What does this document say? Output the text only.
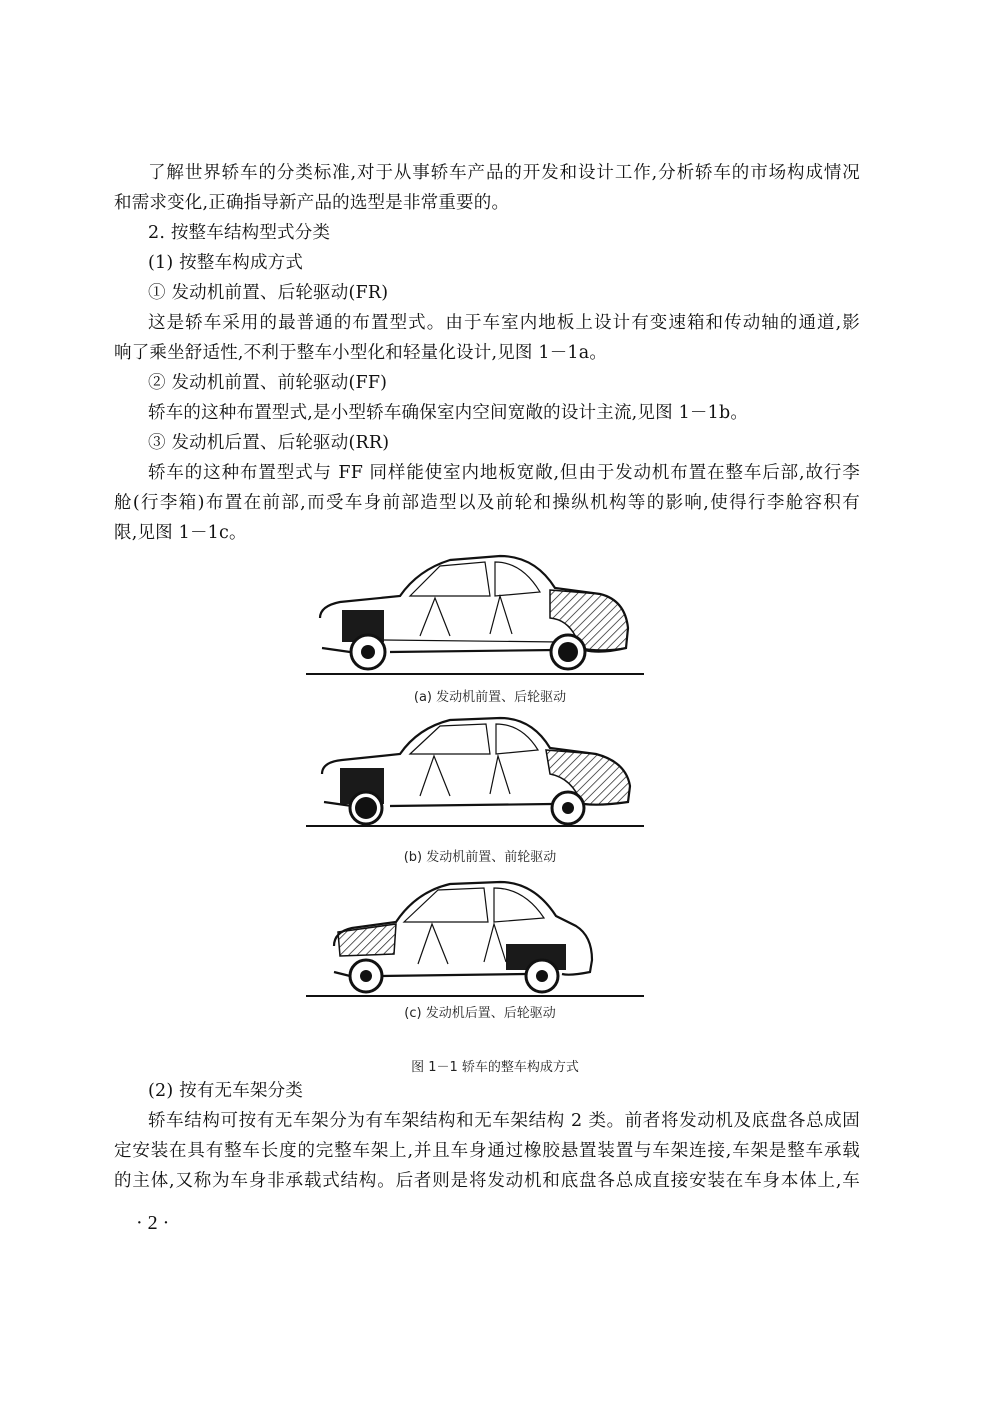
了解世界轿车的分类标准,对于从事轿车产品的开发和设计工作,分析轿车的市场构成情况
和需求变化,正确指导新产品的选型是非常重要的。
2. 按整车结构型式分类
(1) 按整车构成方式
① 发动机前置、后轮驱动(FR)
这是轿车采用的最普通的布置型式。由于车室内地板上设计有变速箱和传动轴的通道,影
响了乘坐舒适性,不利于整车小型化和轻量化设计,见图 1－1a。
② 发动机前置、前轮驱动(FF)
轿车的这种布置型式,是小型轿车确保室内空间宽敞的设计主流,见图 1－1b。
③ 发动机后置、后轮驱动(RR)
轿车的这种布置型式与 FF 同样能使室内地板宽敞,但由于发动机布置在整车后部,故行李
舱(行李箱)布置在前部,而受车身前部造型以及前轮和操纵机构等的影响,使得行李舱容积有
限,见图 1－1c。
(a) 发动机前置、后轮驱动
(b) 发动机前置、前轮驱动
(c) 发动机后置、后轮驱动
图 1－1 轿车的整车构成方式
(2) 按有无车架分类
轿车结构可按有无车架分为有车架结构和无车架结构 2 类。前者将发动机及底盘各总成固
定安装在具有整车长度的完整车架上,并且车身通过橡胶悬置装置与车架连接,车架是整车承载
的主体,又称为车身非承载式结构。后者则是将发动机和底盘各总成直接安装在车身本体上,车
· 2 ·
